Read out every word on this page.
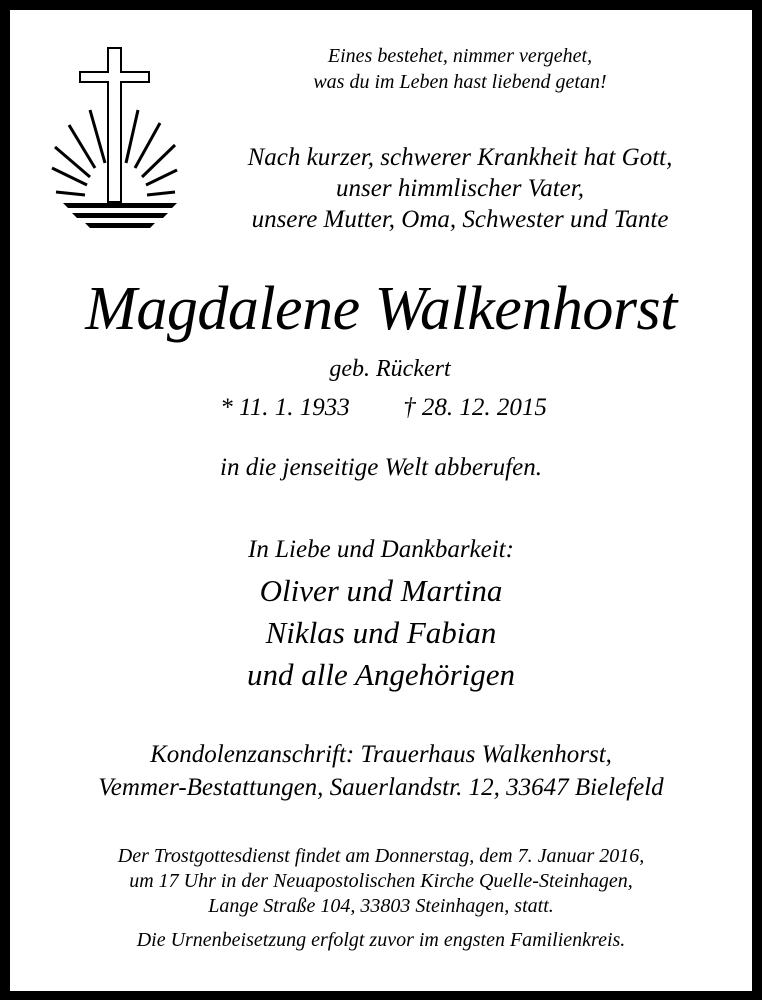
Eines bestehet, nimmer vergehet,
was du im Leben hast liebend getan!
Nach kurzer, schwerer Krankheit hat Gott,
unser himmlischer Vater,
unsere Mutter, Oma, Schwester und Tante
Magdalene Walkenhorst
geb. Rückert
* 11. 1. 1933	† 28. 12. 2015
in die jenseitige Welt abberufen.
In Liebe und Dankbarkeit:
Oliver und Martina
Niklas und Fabian
und alle Angehörigen
Kondolenzanschrift: Trauerhaus Walkenhorst,
Vemmer-Bestattungen, Sauerlandstr. 12, 33647 Bielefeld
Der Trostgottesdienst findet am Donnerstag, dem 7. Januar 2016,
um 17 Uhr in der Neuapostolischen Kirche Quelle-Steinhagen,
Lange Straße 104, 33803 Steinhagen, statt.
Die Urnenbeisetzung erfolgt zuvor im engsten Familienkreis.
